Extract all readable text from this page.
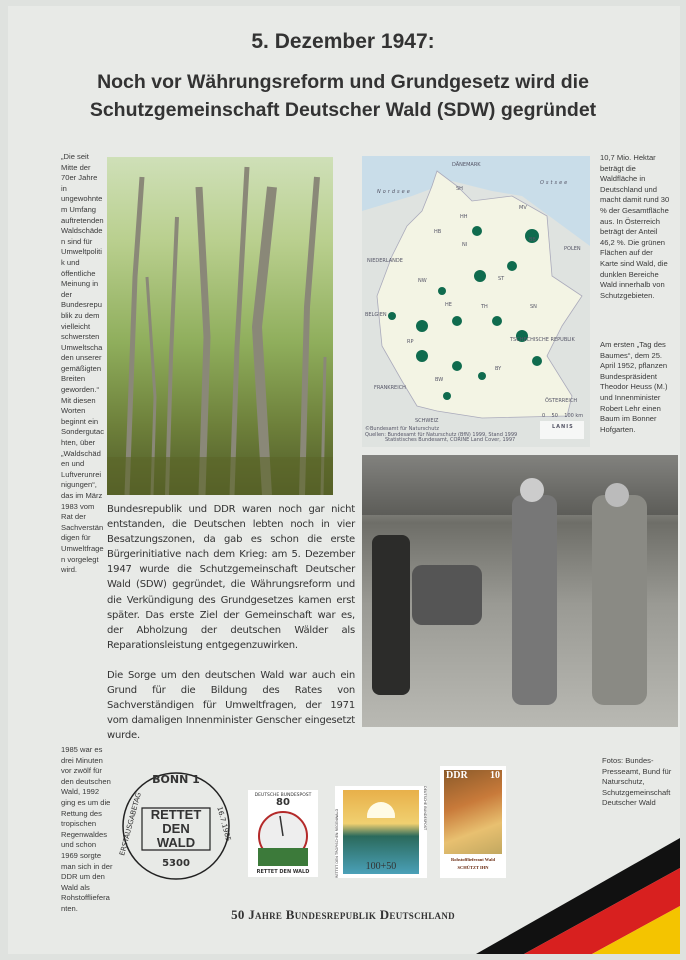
5. Dezember 1947:
Noch vor Währungsreform und Grundgesetz wird die
Schutzgemeinschaft Deutscher Wald (SDW) gegründet
„Die seit Mitte der 70er Jahre in ungewohntem Umfang auftretenden Waldschäden sind für Umweltpolitik und öffentliche Meinung in der Bundesrepublik zu dem vielleicht schwersten Umweltschaden unserer gemäßigten Breiten geworden.“ Mit diesen Worten beginnt ein Sondergutachten, über „Waldschäden und Luftverunreinigungen“, das im März 1983 vom Rat der Sachverständigen für Umweltfragen vorgelegt wird.
DÄNEMARK
Nordsee
Ostsee
NIEDERLANDE
BELGIEN
POLEN
TSCHECHISCHE REPUBLIK
FRANKREICH
SCHWEIZ
ÖSTERREICH
SH
HH
MV
HB
NI
BB
ST
NW
HE	TH	SN
RP
BY
BW
0    50    100 km
LANIS
©Bundesamt für Naturschutz
Quellen: Bundesamt für Naturschutz (BfN) 1999, Stand 1999
Statistisches Bundesamt, CORINE Land Cover, 1997
10,7 Mio. Hektar beträgt die Waldfläche in Deutschland und macht damit rund 30 % der Gesamtfläche aus. In Österreich beträgt der Anteil 46,2 %. Die grünen Flächen auf der Karte sind Wald, die dunklen Bereiche Wald innerhalb von Schutzgebieten.
Am ersten „Tag des Baumes“, dem 25. April 1952, pflanzen Bundespräsident Theodor Heuss (M.) und Innenminister Robert Lehr einen Baum im Bonner Hofgarten.

Bundesrepublik und DDR waren noch gar nicht entstanden, die Deutschen lebten noch in vier Besatzungszonen, da gab es schon die erste Bürgerinitiative nach dem Krieg: am 5. Dezember 1947 wurde die Schutzgemeinschaft Deutscher Wald (SDW) gegründet, die Währungsreform und die Verkündigung des Grundgesetzes kamen erst später. Das erste Ziel der Gemeinschaft war es, der Abholzung der deutschen Wälder als Reparationsleistung entgegenzuwirken.

Die Sorge um den deutschen Wald war auch ein Grund für die Bildung des Rates von Sachverständigen für Umweltfragen, der 1971 vom damaligen Innenminister Genscher eingesetzt wurde.

1985 war es drei Minuten vor zwölf für den deutschen Wald, 1992 ging es um die Rettung des tropischen Regenwaldes und schon 1969 sorgte man sich in der DDR um den Wald als Rohstofflieferanten.
BONN 1
RETTET
DEN
WALD
5300
ERSTAUSGABETAG	16.7.1985
DEUTSCHE BUNDESPOST
80
RETTET DEN WALD	RETTET DEN TROPISCHEN REGENWALD
DEUTSCHE BUNDESPOST
100+50
DDR 10
Rohstofflieferant Wald
SCHÜTZT IHN
Fotos: Bundes-Presseamt, Bund für Naturschutz, Schutzgemeinschaft Deutscher Wald
50 Jahre Bundesrepublik Deutschland
